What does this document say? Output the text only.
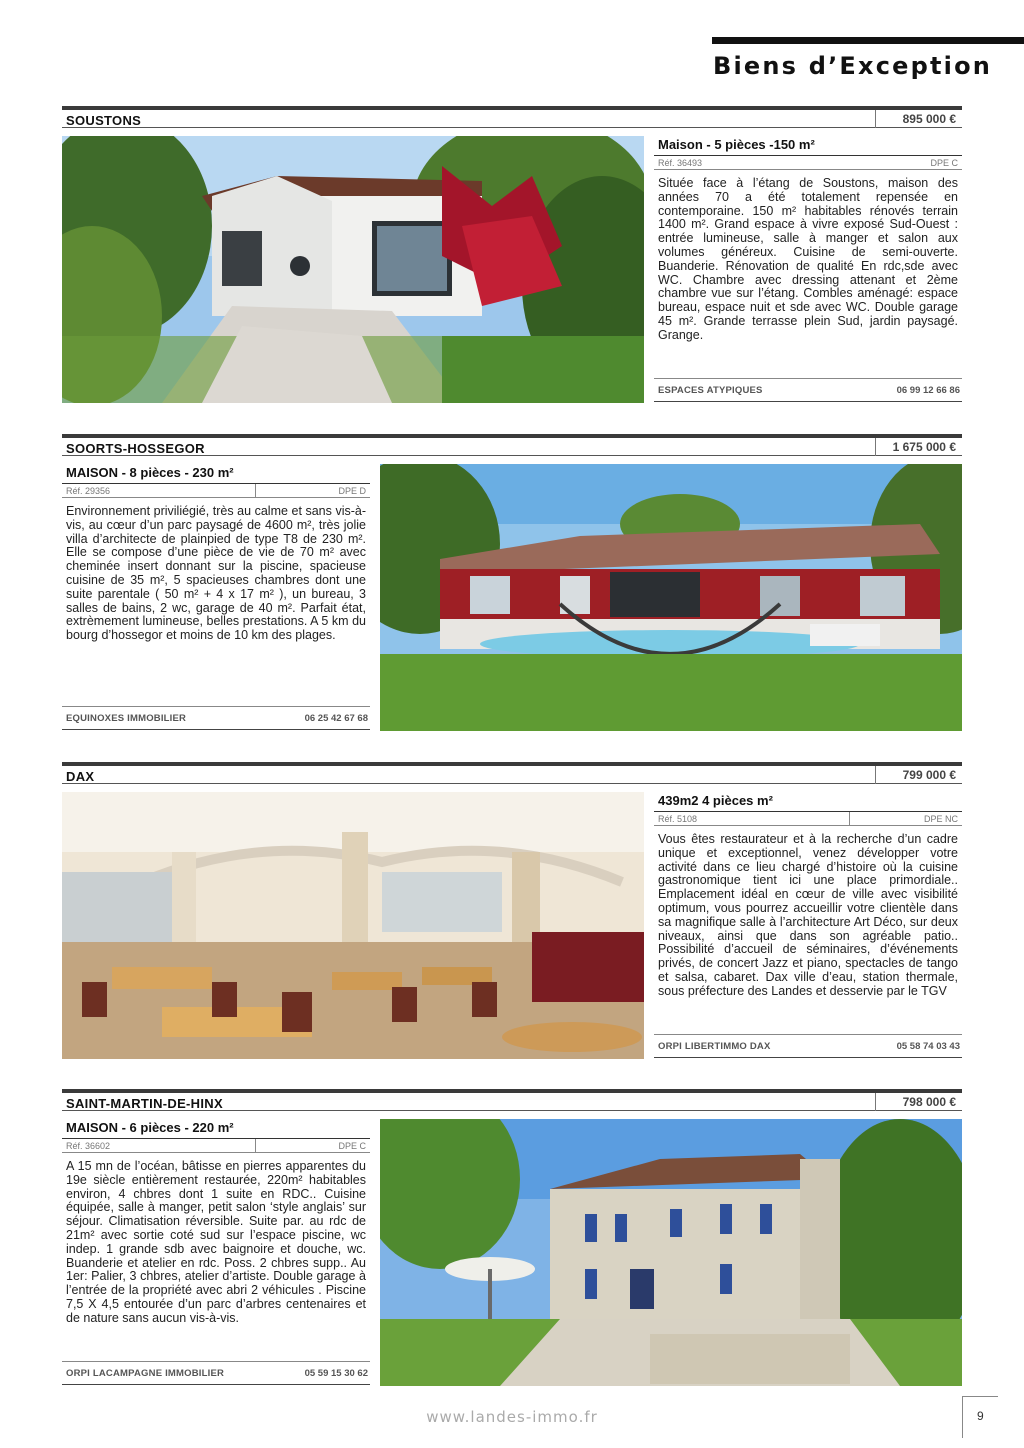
Biens d’Exception
SOUSTONS	895 000 €
Maison - 5 pièces -150 m²
Réf. 36493	DPE C
Située face à l’étang de Soustons, maison des années 70 a été totalement repensée en contemporaine. 150 m² habitables rénovés terrain 1400 m². Grand espace à vivre exposé Sud-Ouest : entrée lumineuse, salle à manger et salon aux volumes généreux. Cuisine de semi-ouverte. Buanderie. Rénovation de qualité En rdc,sde avec WC. Chambre avec dressing attenant et 2ème chambre vue sur l’étang. Combles aménagé: espace bureau, espace nuit et sde avec WC. Double garage 45 m². Grande terrasse plein Sud, jardin paysagé. Grange.
ESPACES ATYPIQUES	06 99 12 66 86
SOORTS-HOSSEGOR	1 675 000 €
MAISON - 8 pièces - 230 m²
Réf. 29356	DPE D
Environnement priviliégié, très au calme et sans vis-à-vis, au cœur d’un parc paysagé de 4600 m², très jolie villa d’architecte de plainpied de type T8 de 230 m². Elle se compose d’une pièce de vie de 70 m² avec cheminée insert donnant sur la piscine, spacieuse cuisine de 35 m², 5 spacieuses chambres dont une suite parentale ( 50 m² + 4 x 17 m² ), un bureau, 3 salles de bains, 2 wc, garage de 40 m². Parfait état, extrèmement lumineuse, belles prestations. A 5 km du bourg d’hossegor et moins de 10 km des plages.
EQUINOXES IMMOBILIER	06 25 42 67 68
DAX	799 000 €
439m2 4 pièces m²
Réf. 5108	DPE NC
Vous êtes restaurateur et à la recherche d’un cadre unique et exceptionnel, venez développer votre activité dans ce lieu chargé d’histoire où la cuisine gastronomique tient ici une place primordiale.. Emplacement idéal en cœur de ville avec visibilité optimum, vous pourrez accueillir votre clientèle dans sa magnifique salle à l’architecture Art Déco, sur deux niveaux, ainsi que dans son agréable patio.. Possibilité d’accueil de séminaires, d’événements privés, de concert Jazz et piano, spectacles de tango et salsa, cabaret. Dax ville d’eau, station thermale, sous préfecture des Landes et desservie par le TGV
ORPI LIBERTIMMO DAX	05 58 74 03 43
SAINT-MARTIN-DE-HINX	798 000 €
MAISON - 6 pièces - 220 m²
Réf. 36602	DPE C
A 15 mn de l’océan, bâtisse en pierres apparentes du 19e siècle entièrement restaurée, 220m² habitables environ, 4 chbres dont 1 suite en RDC.. Cuisine équipée, salle à manger, petit salon ‘style anglais’ sur séjour. Climatisation réversible. Suite par. au rdc de 21m² avec sortie coté sud sur l’espace piscine, wc indep. 1 grande sdb avec baignoire et douche, wc. Buanderie et atelier en rdc. Poss. 2 chbres supp.. Au 1er: Palier, 3 chbres, atelier d’artiste. Double garage à l’entrée de la propriété avec abri 2 véhicules . Piscine 7,5 X 4,5 entourée d’un parc d’arbres centenaires et de nature sans aucun vis-à-vis.
ORPI LACAMPAGNE IMMOBILIER	05 59 15 30 62
www.landes-immo.fr	9
